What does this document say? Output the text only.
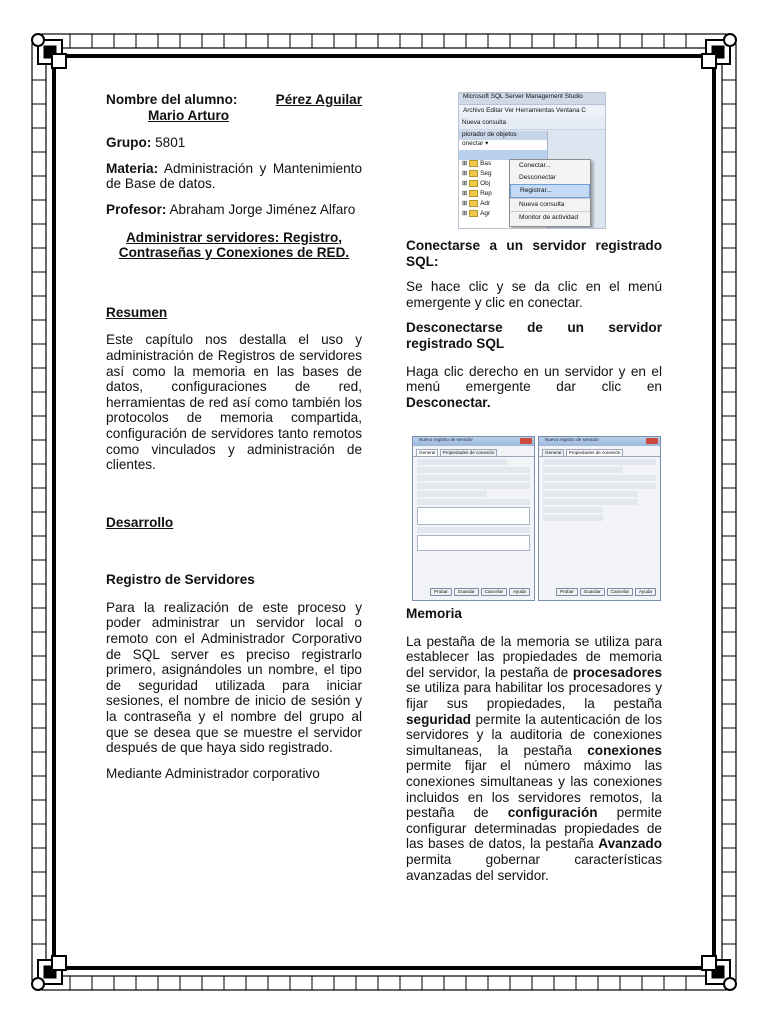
Nombre del alumno:	Pérez Aguilar
Mario Arturo

Grupo: 5801

Materia: Administración y Mantenimiento de Base de datos.

Profesor: Abraham Jorge Jiménez Alfaro

Administrar servidores: Registro,
Contraseñas y Conexiones de RED.

Resumen

Este capítulo nos destalla el uso y administración de Registros de servidores así como la memoria en las bases de datos, configuraciones de red, herramientas de red así como también los protocolos de memoria compartida, configuración de servidores tanto remotos como vinculados y administración de clientes.

Desarrollo

Registro de Servidores

Para la realización de este proceso y poder administrar un servidor local o remoto con el Administrador Corporativo de SQL server es preciso registrarlo primero, asignándoles un nombre, el tipo de seguridad utilizada para iniciar sesiones, el nombre de inicio de sesión y la contraseña y el nombre del grupo al que se desea que se muestre el servidor después de que haya sido registrado.

Mediante Administrador corporativo

Microsoft SQL Server Management Studio
Archivo Editar Ver Herramientas Ventana C
Nueva consulta
plorador de objetos
onectar ▾

⊞ Bas
⊞ Seg
⊞ Obj
⊞ Rep
⊞ Adr
⊞ Agr
Conectar...
Desconectar
Registrar...
Nueva consulta
Monitor de actividad

Conectarse a un servidor registrado SQL:

Se hace clic y se da clic en el menú emergente y clic en conectar.

Desconectarse de un servidor registrado SQL

Haga clic derecho en un servidor y en el menú emergente dar clic en Desconectar.

Nuevo registro de servidor
General Propiedades de conexión
Probar Guardar Cancelar Ayuda
Nuevo registro de servidor
General Propiedades de conexión
Probar Guardar Cancelar Ayuda

Memoria

La pestaña de la memoria se utiliza para establecer las propiedades de memoria del servidor, la pestaña de procesadores se utiliza para habilitar los procesadores y fijar sus propiedades, la pestaña seguridad permite la autenticación de los servidores y la auditoria de conexiones simultaneas, la pestaña conexiones permite fijar el número máximo las conexiones simultaneas y las conexiones incluidos en los servidores remotos, la pestaña de configuración permite configurar determinadas propiedades de las bases de datos, la pestaña Avanzado permita gobernar características avanzadas del servidor.
